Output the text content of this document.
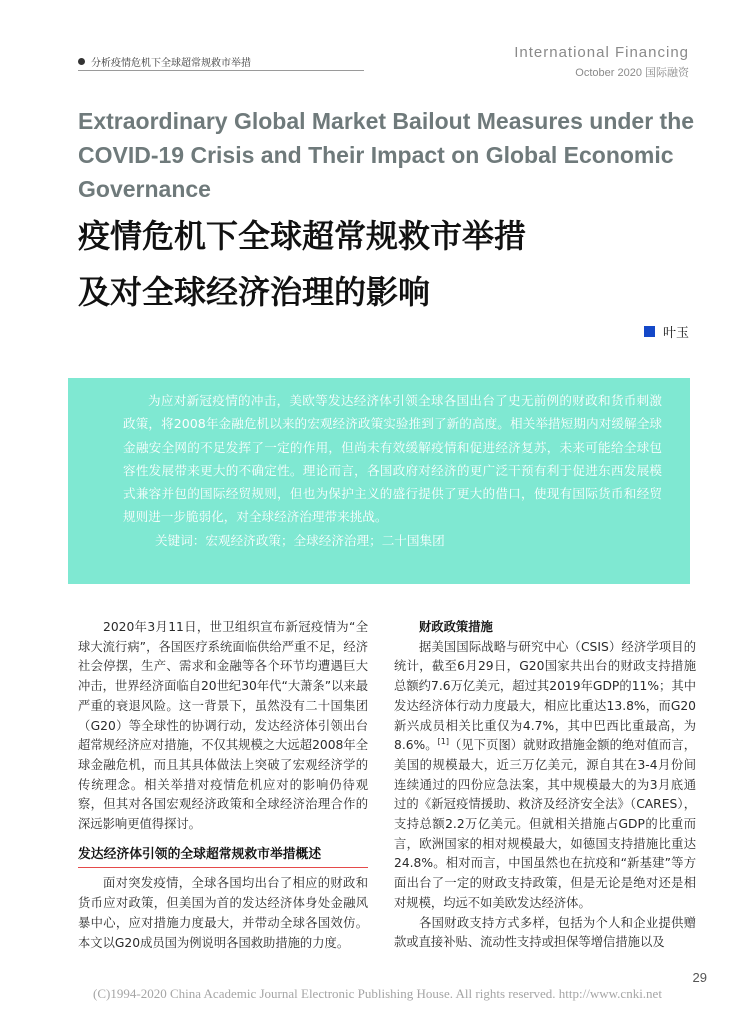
分析疫情危机下全球超常规救市举措
International Financing
October 2020 国际融资
Extraordinary Global Market Bailout Measures under the COVID-19 Crisis and Their Impact on Global Economic Governance
疫情危机下全球超常规救市举措
及对全球经济治理的影响
叶玉

为应对新冠疫情的冲击，美欧等发达经济体引领全球各国出台了史无前例的财政和货币刺激政策，将2008年金融危机以来的宏观经济政策实验推到了新的高度。相关举措短期内对缓解全球金融安全网的不足发挥了一定的作用，但尚未有效缓解疫情和促进经济复苏，未来可能给全球包容性发展带来更大的不确定性。理论而言，各国政府对经济的更广泛干预有利于促进东西发展模式兼容并包的国际经贸规则，但也为保护主义的盛行提供了更大的借口，使现有国际货币和经贸规则进一步脆弱化，对全球经济治理带来挑战。

关键词：宏观经济政策；全球经济治理；二十国集团

2020年3月11日，世卫组织宣布新冠疫情为“全球大流行病”，各国医疗系统面临供给严重不足，经济社会停摆，生产、需求和金融等各个环节均遭遇巨大冲击，世界经济面临自20世纪30年代“大萧条”以来最严重的衰退风险。这一背景下，虽然没有二十国集团（G20）等全球性的协调行动，发达经济体引领出台超常规经济应对措施，不仅其规模之大远超2008年全球金融危机，而且其具体做法上突破了宏观经济学的传统理念。相关举措对疫情危机应对的影响仍待观察，但其对各国宏观经济政策和全球经济治理合作的深远影响更值得探讨。

发达经济体引领的全球超常规救市举措概述

面对突发疫情，全球各国均出台了相应的财政和货币应对政策，但美国为首的发达经济体身处金融风暴中心，应对措施力度最大，并带动全球各国效仿。本文以G20成员国为例说明各国救助措施的力度。

财政政策措施

据美国国际战略与研究中心（CSIS）经济学项目的统计，截至6月29日，G20国家共出台的财政支持措施总额约7.6万亿美元，超过其2019年GDP的11%；其中发达经济体行动力度最大，相应比重达13.8%，而G20新兴成员相关比重仅为4.7%，其中巴西比重最高，为8.6%。[1]（见下页图）就财政措施金额的绝对值而言，美国的规模最大，近三万亿美元，源自其在3-4月份间连续通过的四份应急法案，其中规模最大的为3月底通过的《新冠疫情援助、救济及经济安全法》（CARES），支持总额2.2万亿美元。但就相关措施占GDP的比重而言，欧洲国家的相对规模最大，如德国支持措施比重达24.8%。相对而言，中国虽然也在抗疫和“新基建”等方面出台了一定的财政支持政策，但是无论是绝对还是相对规模，均远不如美欧发达经济体。

各国财政支持方式多样，包括为个人和企业提供赠款或直接补贴、流动性支持或担保等增信措施以及

29
(C)1994-2020 China Academic Journal Electronic Publishing House. All rights reserved. http://www.cnki.net
